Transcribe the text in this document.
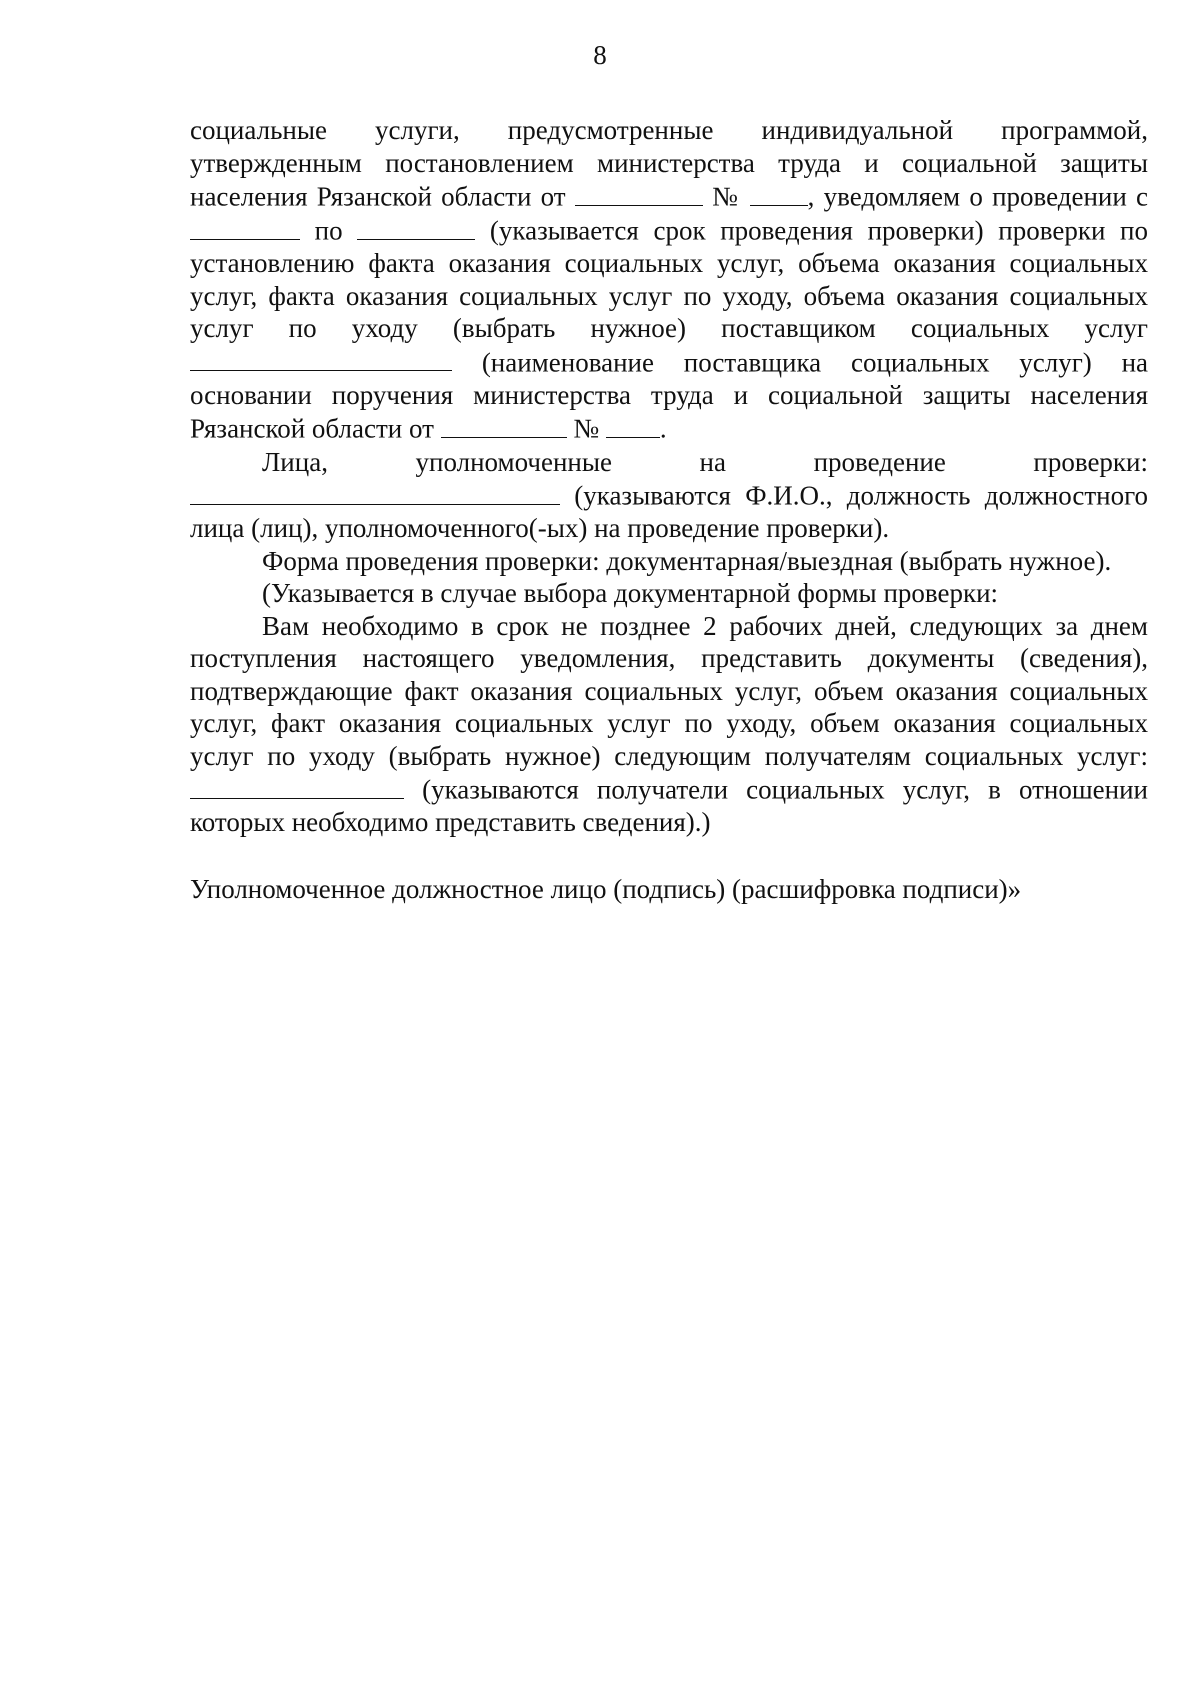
8

социальные услуги, предусмотренные индивидуальной программой, утвержденным постановлением министерства труда и социальной защиты населения Рязанской области от	№ , уведомляем о проведении с  по	(указывается срок проведения проверки) проверки по установлению факта оказания социальных услуг, объема оказания социальных услуг, факта оказания социальных услуг по уходу, объема оказания социальных услуг по уходу (выбрать нужное) поставщиком социальных услуг  (наименование поставщика социальных услуг) на основании поручения министерства труда и социальной защиты населения Рязанской области от	№ .

Лица, уполномоченные на проведение проверки:  (указываются Ф.И.О., должность должностного лица (лиц), уполномоченного(-ых) на проведение проверки).

Форма проведения проверки: документарная/выездная (выбрать нужное).

(Указывается в случае выбора документарной формы проверки:

Вам необходимо в срок не позднее 2 рабочих дней, следующих за днем поступления настоящего уведомления, представить документы (сведения), подтверждающие факт оказания социальных услуг, объем оказания социальных услуг, факт оказания социальных услуг по уходу, объем оказания социальных услуг по уходу (выбрать нужное) следующим получателям социальных услуг:  (указываются получатели социальных услуг, в отношении которых необходимо представить сведения).)

Уполномоченное должностное лицо (подпись) (расшифровка подписи)»
